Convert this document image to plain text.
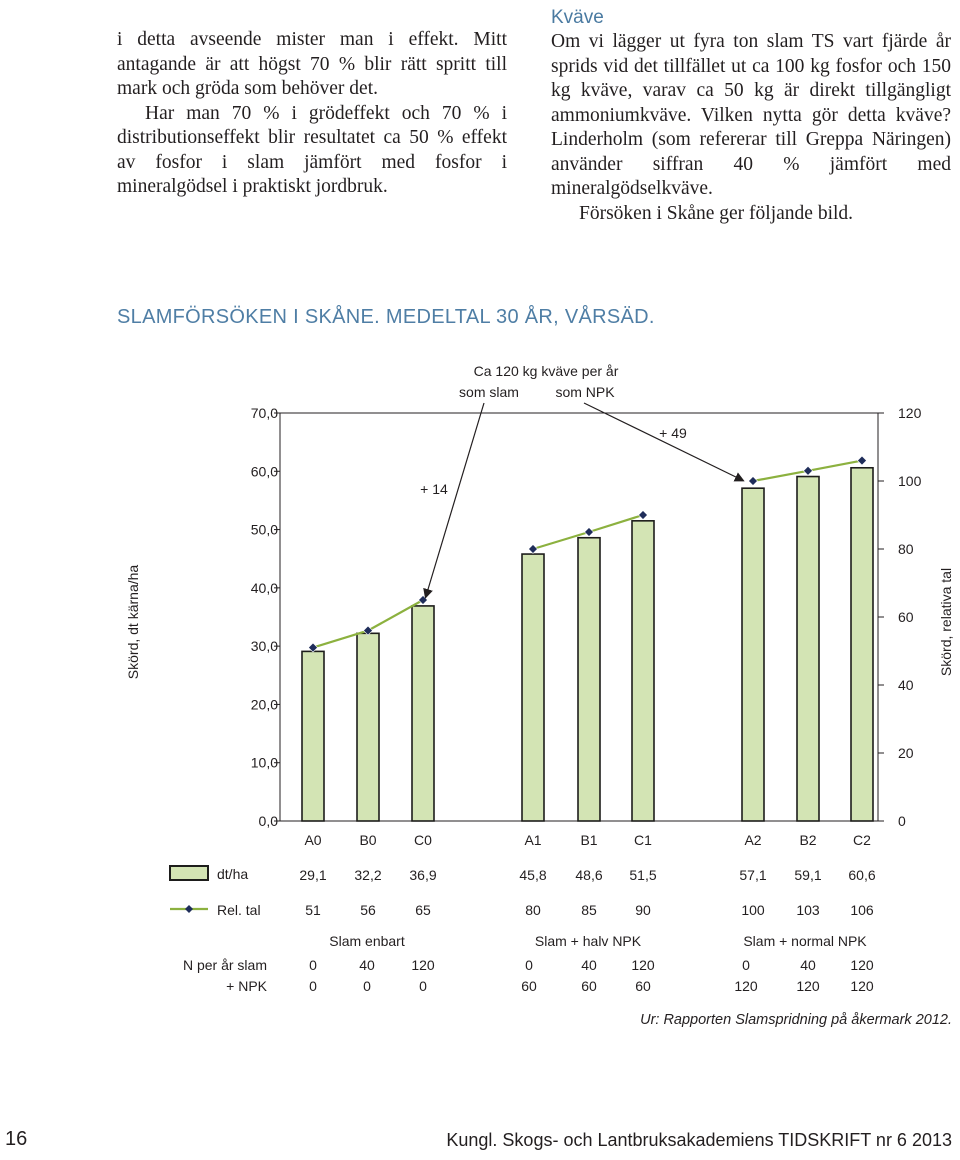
i detta avseende mister man i effekt. Mitt antagande är att högst 70 % blir rätt spritt till mark och gröda som behöver det.

Har man 70 % i grödeffekt och 70 % i distributionseffekt blir resultatet ca 50 % effekt av fosfor i slam jämfört med fosfor i mineralgödsel i praktiskt jordbruk.

Kväve

Om vi lägger ut fyra ton slam TS vart fjärde år sprids vid det tillfället ut ca 100 kg fosfor och 150 kg kväve, varav ca 50 kg är direkt tillgängligt ammoniumkväve. Vilken nytta gör detta kväve? Linderholm (som refererar till Greppa Näringen) använder siffran 40 % jämfört med mineralgödselkväve.

Försöken i Skåne ger följande bild.

SLAMFÖRSÖKEN I SKÅNE. MEDELTAL 30 ÅR, VÅRSÄD.
0,0
10,0
20,0
30,0
40,0
50,0
60,0
70,0
0
20
40
60
80
100
120
Skörd, dt kärna/ha	Skörd, relativa tal
A0	B0	C0	A1	B1	C1	A2	B2	C2
Ca 120 kg kväve per år
som slam	som NPK
+ 14
+ 49
dt/ha
Rel. tal
29,1 32,2 36,9	45,8 48,6 51,5	57,1 59,1 60,6
51	56	65	80	85	90	100 103 106
Slam enbart	Slam + halv NPK	Slam + normal NPK
N per år slam
+ NPK
0	40	120	0	40 120	0	40 120
0	0	0	60	60	60	120	120 120
Ur: Rapporten Slamspridning på åkermark 2012.
16	Kungl. Skogs- och Lantbruksakademiens TIDSKRIFT nr 6 2013
